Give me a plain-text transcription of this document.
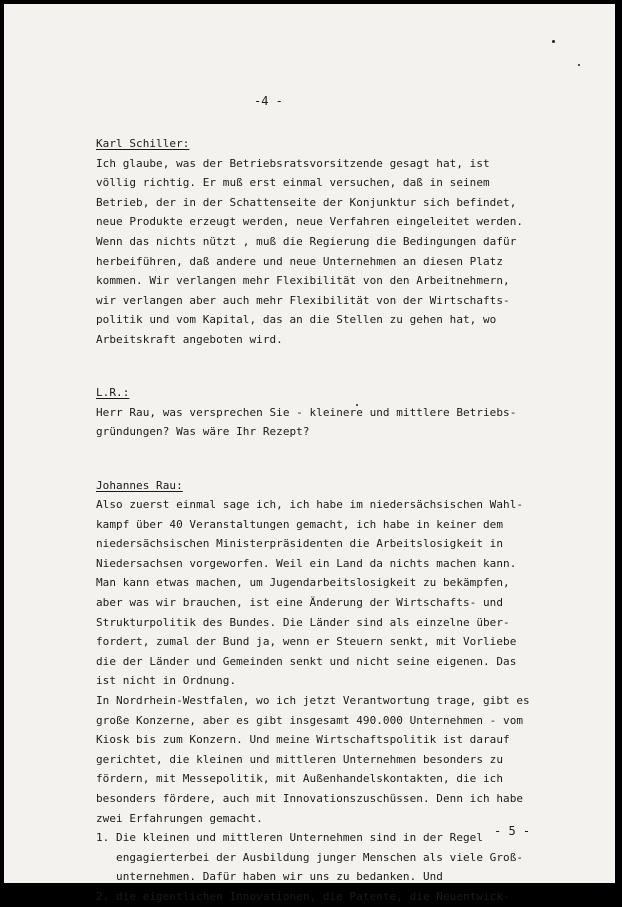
-4 -
Karl Schiller:
Ich glaube, was der Betriebsratsvorsitzende gesagt hat, ist
völlig richtig. Er muß erst einmal versuchen, daß in seinem
Betrieb, der in der Schattenseite der Konjunktur sich befindet,
neue Produkte erzeugt werden, neue Verfahren eingeleitet werden.
Wenn das nichts nützt , muß die Regierung die Bedingungen dafür
herbeiführen, daß andere und neue Unternehmen an diesen Platz
kommen. Wir verlangen mehr Flexibilität von den Arbeitnehmern,
wir verlangen aber auch mehr Flexibilität von der Wirtschafts-
politik und vom Kapital, das an die Stellen zu gehen hat, wo
Arbeitskraft angeboten wird.
L.R.:
Herr Rau, was versprechen Sie - kleinere und mittlere Betriebs-
gründungen? Was wäre Ihr Rezept?
Johannes Rau:
Also zuerst einmal sage ich, ich habe im niedersächsischen Wahl-
kampf über 40 Veranstaltungen gemacht, ich habe in keiner dem
niedersächsischen Ministerpräsidenten die Arbeitslosigkeit in
Niedersachsen vorgeworfen. Weil ein Land da nichts machen kann.
Man kann etwas machen, um Jugendarbeitslosigkeit zu bekämpfen,
aber was wir brauchen, ist eine Änderung der Wirtschafts- und
Strukturpolitik des Bundes. Die Länder sind als einzelne über-
fordert, zumal der Bund ja, wenn er Steuern senkt, mit Vorliebe
die der Länder und Gemeinden senkt und nicht seine eigenen. Das
ist nicht in Ordnung.
In Nordrhein-Westfalen, wo ich jetzt Verantwortung trage, gibt es
große Konzerne, aber es gibt insgesamt 490.000 Unternehmen - vom
Kiosk bis zum Konzern. Und meine Wirtschaftspolitik ist darauf
gerichtet, die kleinen und mittleren Unternehmen besonders zu
fördern, mit Messepolitik, mit Außenhandelskontakten, die ich
besonders fördere, auch mit Innovationszuschüssen. Denn ich habe
zwei Erfahrungen gemacht.
1. Die kleinen und mittleren Unternehmen sind in der Regel
engagierterbei der Ausbildung junger Menschen als viele Groß-
unternehmen. Dafür haben wir uns zu bedanken. Und
2. die eigentlichen Innovationen, die Patente, die Neuentwick-
- 5 -
